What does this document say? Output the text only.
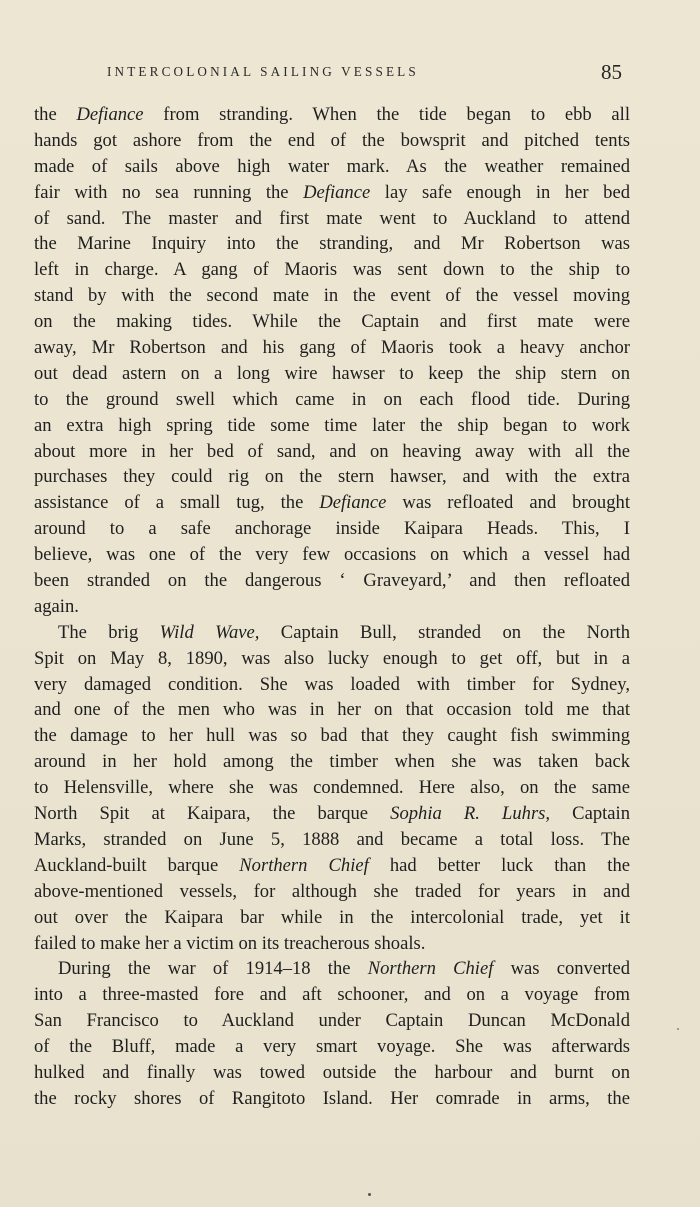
INTERCOLONIAL SAILING VESSELS	85
the Defiance from stranding. When the tide began to ebb all
hands got ashore from the end of the bowsprit and pitched tents
made of sails above high water mark. As the weather remained
fair with no sea running the Defiance lay safe enough in her bed
of sand. The master and first mate went to Auckland to attend
the Marine Inquiry into the stranding, and Mr Robertson was
left in charge. A gang of Maoris was sent down to the ship to
stand by with the second mate in the event of the vessel moving
on the making tides. While the Captain and first mate were
away, Mr Robertson and his gang of Maoris took a heavy anchor
out dead astern on a long wire hawser to keep the ship stern on
to the ground swell which came in on each flood tide. During
an extra high spring tide some time later the ship began to work
about more in her bed of sand, and on heaving away with all the
purchases they could rig on the stern hawser, and with the extra
assistance of a small tug, the Defiance was refloated and brought
around to a safe anchorage inside Kaipara Heads. This, I
believe, was one of the very few occasions on which a vessel had
been stranded on the dangerous ‘ Graveyard,’ and then refloated
again.
The brig Wild Wave, Captain Bull, stranded on the North
Spit on May 8, 1890, was also lucky enough to get off, but in a
very damaged condition. She was loaded with timber for Sydney,
and one of the men who was in her on that occasion told me that
the damage to her hull was so bad that they caught fish swimming
around in her hold among the timber when she was taken back
to Helensville, where she was condemned. Here also, on the same
North Spit at Kaipara, the barque Sophia R. Luhrs, Captain
Marks, stranded on June 5, 1888 and became a total loss. The
Auckland-built barque Northern Chief had better luck than the
above-mentioned vessels, for although she traded for years in and
out over the Kaipara bar while in the intercolonial trade, yet it
failed to make her a victim on its treacherous shoals.
During the war of 1914–18 the Northern Chief was converted
into a three-masted fore and aft schooner, and on a voyage from
San Francisco to Auckland under Captain Duncan McDonald
of the Bluff, made a very smart voyage. She was afterwards
hulked and finally was towed outside the harbour and burnt on
the rocky shores of Rangitoto Island. Her comrade in arms, the
